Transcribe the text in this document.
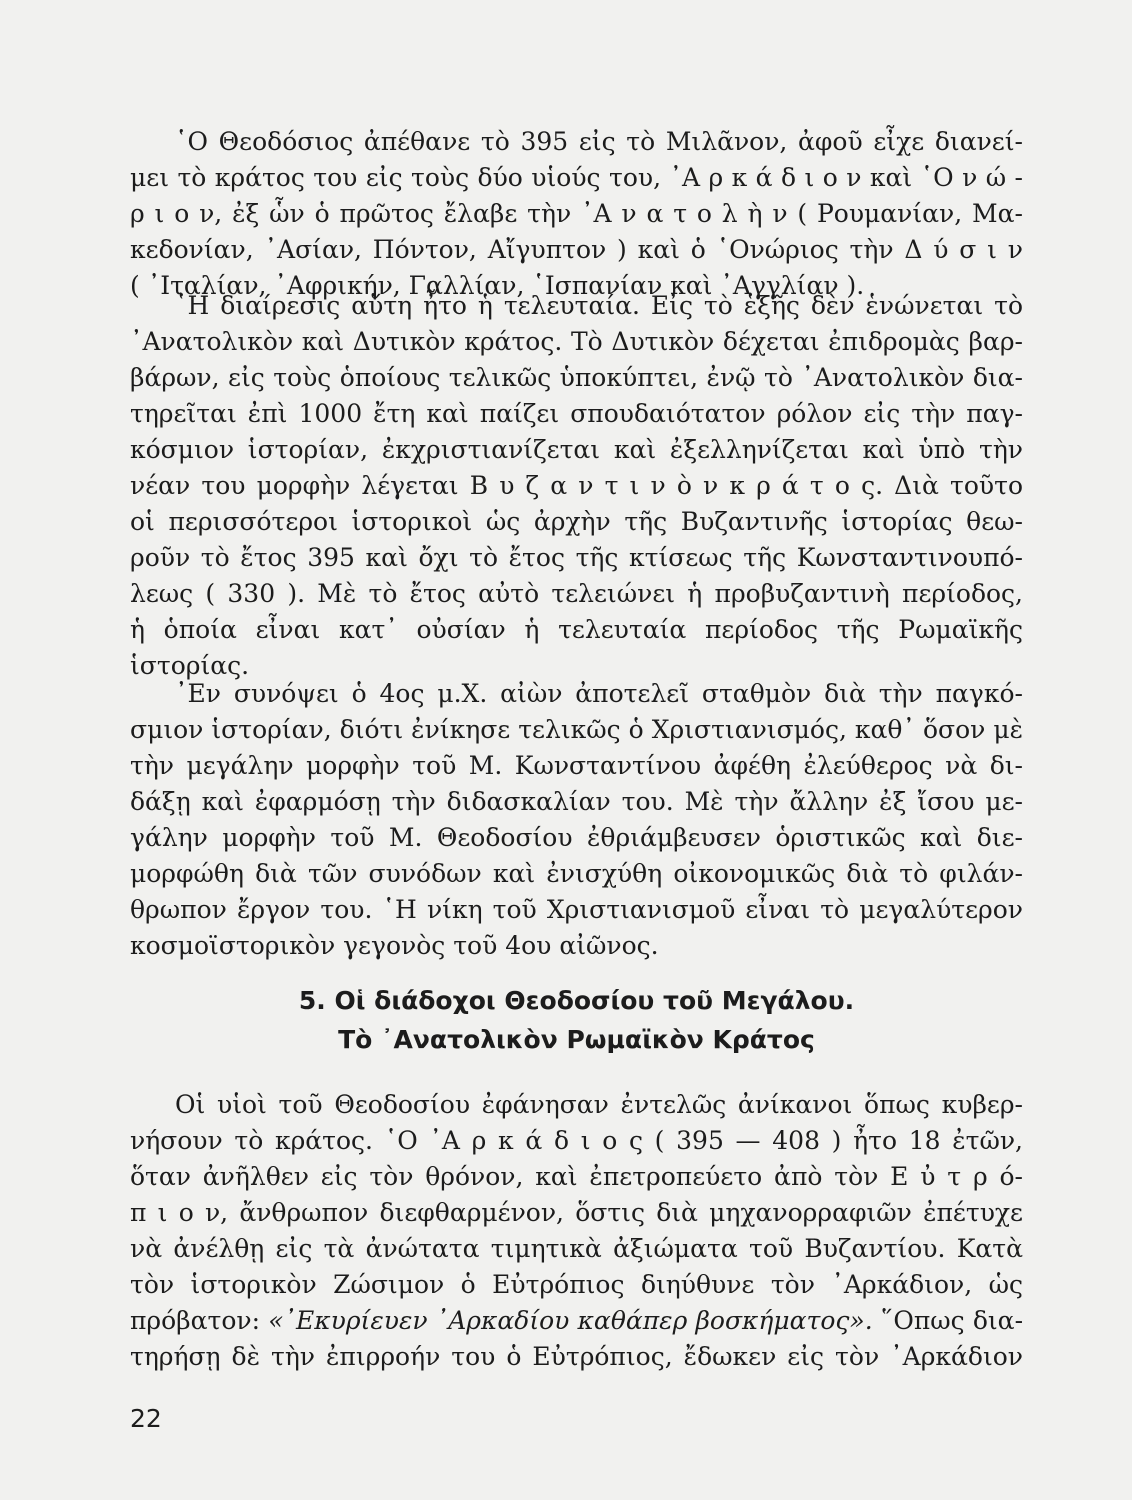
῾Ο Θεοδόσιος ἀπέθανε τὸ 395 εἰς τὸ Μιλᾶνον, ἀφοῦ εἶχε διανεί-
μει τὸ κράτος του εἰς τοὺς δύο υἱούς του, ᾿Α ρ κ ά δ ι ο ν καὶ ῾Ο ν ώ -
ρ ι ο ν, ἐξ ὧν ὁ πρῶτος ἔλαβε τὴν ᾿Α ν α τ ο λ ὴ ν ( Ρουμανίαν, Μα-
κεδονίαν, ᾿Ασίαν, Πόντον, Αἴγυπτον ) καὶ ὁ ῾Ονώριος τὴν Δ ύ σ ι ν
( ᾿Ιταλίαν, ᾿Αφρικήν, Γαλλίαν, ῾Ισπανίαν καὶ ᾿Αγγλίαν ).
῾Η διαίρεσις αὕτη ἦτο ἡ τελευταία. Εἰς τὸ ἑξῆς δὲν ἑνώνεται τὸ
᾿Ανατολικὸν καὶ Δυτικὸν κράτος. Τὸ Δυτικὸν δέχεται ἐπιδρομὰς βαρ-
βάρων, εἰς τοὺς ὁποίους τελικῶς ὑποκύπτει, ἐνῷ τὸ ᾿Ανατολικὸν δια-
τηρεῖται ἐπὶ 1000 ἔτη καὶ παίζει σπουδαιότατον ρόλον εἰς τὴν παγ-
κόσμιον ἱστορίαν, ἐκχριστιανίζεται καὶ ἐξελληνίζεται καὶ ὑπὸ τὴν
νέαν του μορφὴν λέγεται Β υ ζ α ν τ ι ν ὸ ν κ ρ ά τ ο ς. Διὰ τοῦτο
οἱ περισσότεροι ἱστορικοὶ ὡς ἀρχὴν τῆς Βυζαντινῆς ἱστορίας θεω-
ροῦν τὸ ἔτος 395 καὶ ὄχι τὸ ἔτος τῆς κτίσεως τῆς Κωνσταντινουπό-
λεως ( 330 ). Μὲ τὸ ἔτος αὐτὸ τελειώνει ἡ προβυζαντινὴ περίοδος,
ἡ ὁποία εἶναι κατ᾿ οὐσίαν ἡ τελευταία περίοδος τῆς Ρωμαϊκῆς
ἱστορίας.
᾿Εν συνόψει ὁ 4ος μ.Χ. αἰὼν ἀποτελεῖ σταθμὸν διὰ τὴν παγκό-
σμιον ἱστορίαν, διότι ἐνίκησε τελικῶς ὁ Χριστιανισμός, καθ᾿ ὅσον μὲ
τὴν μεγάλην μορφὴν τοῦ Μ. Κωνσταντίνου ἀφέθη ἐλεύθερος νὰ δι-
δάξῃ καὶ ἐφαρμόσῃ τὴν διδασκαλίαν του. Μὲ τὴν ἄλλην ἐξ ἴσου με-
γάλην μορφὴν τοῦ Μ. Θεοδοσίου ἐθριάμβευσεν ὁριστικῶς καὶ διε-
μορφώθη διὰ τῶν συνόδων καὶ ἐνισχύθη οἰκονομικῶς διὰ τὸ φιλάν-
θρωπον ἔργον του. ῾Η νίκη τοῦ Χριστιανισμοῦ εἶναι τὸ μεγαλύτερον
κοσμοϊστορικὸν γεγονὸς τοῦ 4ου αἰῶνος.
5. Οἱ διάδοχοι Θεοδοσίου τοῦ Μεγάλου.
Τὸ ᾿Ανατολικὸν Ρωμαϊκὸν Κράτος
Οἱ υἱοὶ τοῦ Θεοδοσίου ἐφάνησαν ἐντελῶς ἀνίκανοι ὅπως κυβερ-
νήσουν τὸ κράτος. ῾Ο ᾿Α ρ κ ά δ ι ο ς ( 395 — 408 ) ἦτο 18 ἐτῶν,
ὅταν ἀνῆλθεν εἰς τὸν θρόνον, καὶ ἐπετροπεύετο ἀπὸ τὸν Ε ὐ τ ρ ό-
π ι ο ν, ἄνθρωπον διεφθαρμένον, ὅστις διὰ μηχανορραφιῶν ἐπέτυχε
νὰ ἀνέλθῃ εἰς τὰ ἀνώτατα τιμητικὰ ἀξιώματα τοῦ Βυζαντίου. Κατὰ
τὸν ἱστορικὸν Ζώσιμον ὁ Εὐτρόπιος διηύθυνε τὸν ᾿Αρκάδιον, ὡς
πρόβατον: «᾿Εκυρίευεν ᾿Αρκαδίου καθάπερ βοσκήματος». ῞Οπως δια-
τηρήσῃ δὲ τὴν ἐπιρροήν του ὁ Εὐτρόπιος, ἔδωκεν εἰς τὸν ᾿Αρκάδιον
22
